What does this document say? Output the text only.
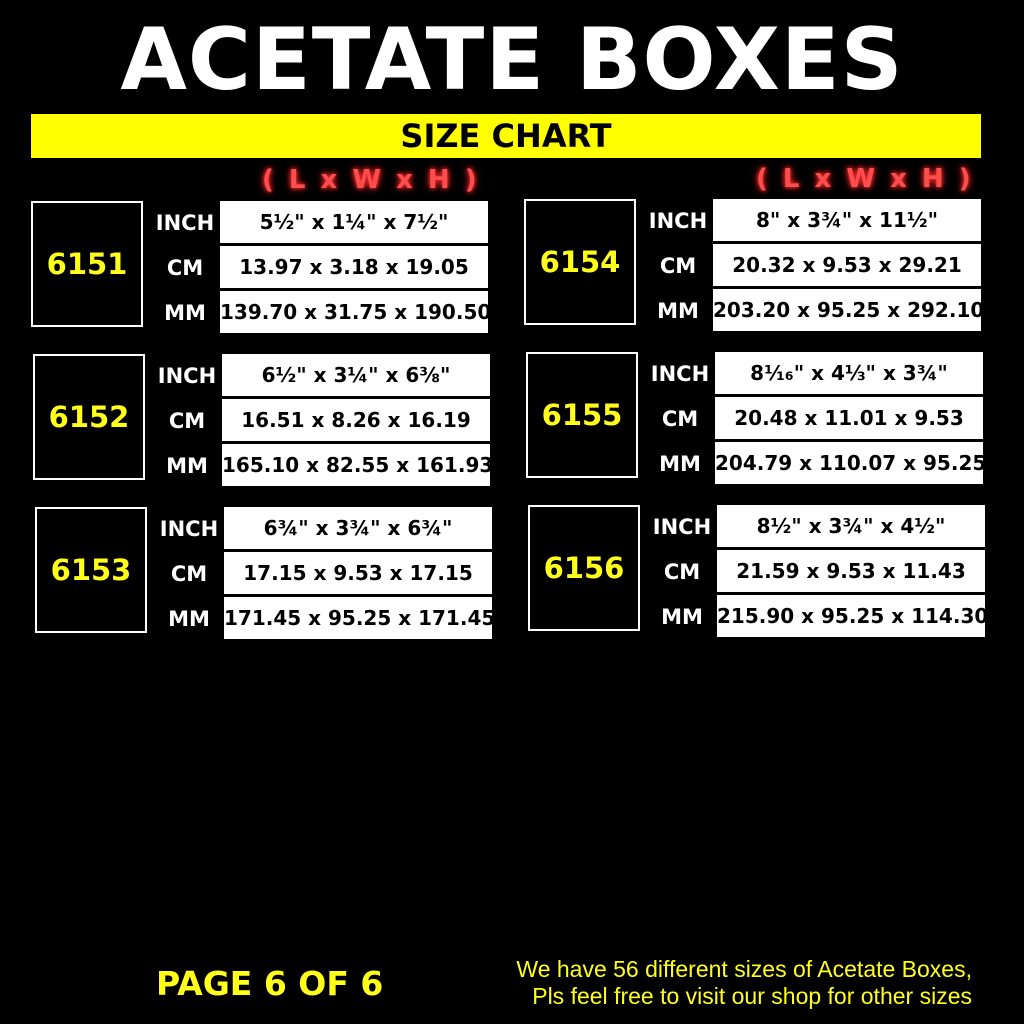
ACETATE BOXES
SIZE CHART
( L x W x H )	( L x W x H )
6151
INCH
CM
MM
5½" x 1¼" x 7½"
13.97 x 3.18 x 19.05
139.70 x 31.75 x 190.50
6152
INCH
CM
MM
6½" x 3¼" x 6⅜"
16.51 x 8.26 x 16.19
165.10 x 82.55 x 161.93
6153
INCH
CM
MM
6¾" x 3¾" x 6¾"
17.15 x 9.53 x 17.15
171.45 x 95.25 x 171.45
6154
INCH
CM
MM
8" x 3¾" x 11½"
20.32 x 9.53 x 29.21
203.20 x 95.25 x 292.10
6155
INCH
CM
MM
8¹⁄₁₆" x 4⅓" x 3¾"
20.48 x 11.01 x 9.53
204.79 x 110.07 x 95.25
6156
INCH
CM
MM
8½" x 3¾" x 4½"
21.59 x 9.53 x 11.43
215.90 x 95.25 x 114.30
PAGE 6 OF 6	We have 56 different sizes of Acetate Boxes,
Pls feel free to visit our shop for other sizes
